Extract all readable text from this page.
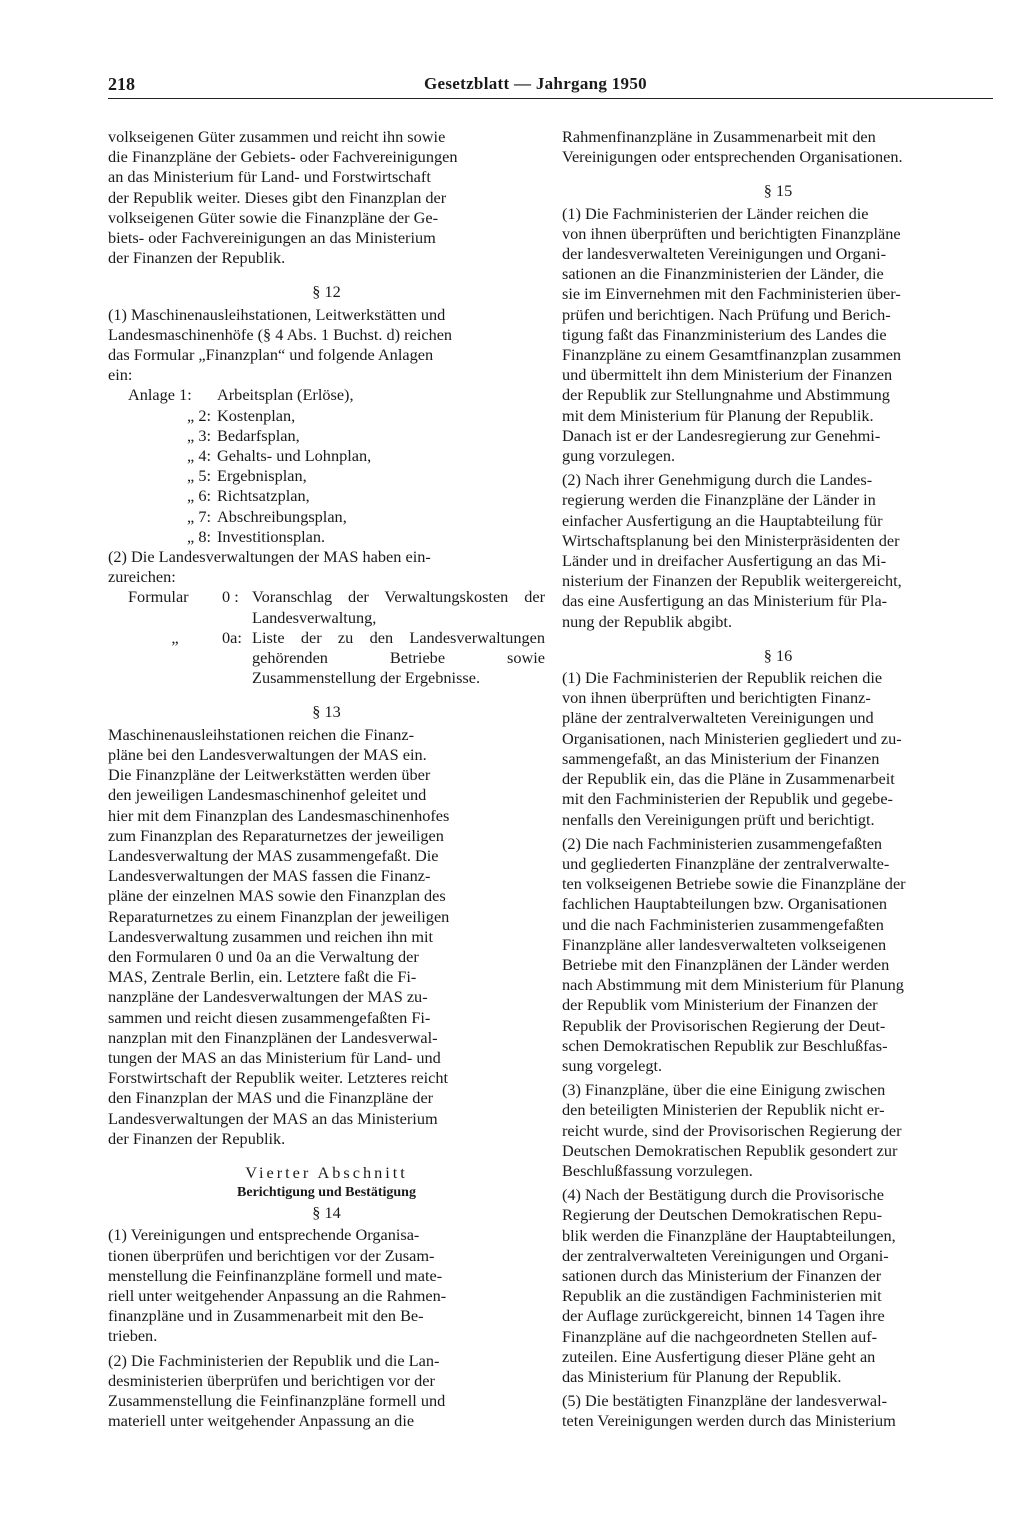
218	Gesetzblatt — Jahrgang 1950

volkseigenen Güter zusammen und reicht ihn sowie

die Finanzpläne der Gebiets- oder Fachvereinigungen

an das Ministerium für Land- und Forstwirtschaft

der Republik weiter. Dieses gibt den Finanzplan der

volkseigenen Güter sowie die Finanzpläne der Ge-

biets- oder Fachvereinigungen an das Ministerium

der Finanzen der Republik.

§ 12

(1) Maschinenausleihstationen, Leitwerkstätten und

Landesmaschinenhöfe (§ 4 Abs. 1 Buchst. d) reichen

das Formular „Finanzplan“ und folgende Anlagen

ein:

Anlage 1:	Arbeitsplan (Erlöse),
„ 2: Kostenplan,
„ 3: Bedarfsplan,
„ 4: Gehalts- und Lohnplan,
„ 5: Ergebnisplan,
„ 6: Richtsatzplan,
„ 7: Abschreibungsplan,
„ 8: Investitionsplan.

(2) Die Landesverwaltungen der MAS haben ein-

zureichen:

Formular	0 : Voranschlag der Verwaltungskosten der Landesverwaltung,
„	0a: Liste der zu den Landesverwaltungen gehörenden Betriebe sowie Zusammenstellung der Ergebnisse.
§ 13

Maschinenausleihstationen reichen die Finanz-

pläne bei den Landesverwaltungen der MAS ein.

Die Finanzpläne der Leitwerkstätten werden über

den jeweiligen Landesmaschinenhof geleitet und

hier mit dem Finanzplan des Landesmaschinenhofes

zum Finanzplan des Reparaturnetzes der jeweiligen

Landesverwaltung der MAS zusammengefaßt. Die

Landesverwaltungen der MAS fassen die Finanz-

pläne der einzelnen MAS sowie den Finanzplan des

Reparaturnetzes zu einem Finanzplan der jeweiligen

Landesverwaltung zusammen und reichen ihn mit

den Formularen 0 und 0a an die Verwaltung der

MAS, Zentrale Berlin, ein. Letztere faßt die Fi-

nanzpläne der Landesverwaltungen der MAS zu-

sammen und reicht diesen zusammengefaßten Fi-

nanzplan mit den Finanzplänen der Landesverwal-

tungen der MAS an das Ministerium für Land- und

Forstwirtschaft der Republik weiter. Letzteres reicht

den Finanzplan der MAS und die Finanzpläne der

Landesverwaltungen der MAS an das Ministerium

der Finanzen der Republik.

Vierter Abschnitt
Berichtigung und Bestätigung
§ 14

(1) Vereinigungen und entsprechende Organisa-

tionen überprüfen und berichtigen vor der Zusam-

menstellung die Feinfinanzpläne formell und mate-

riell unter weitgehender Anpassung an die Rahmen-

finanzpläne und in Zusammenarbeit mit den Be-

trieben.

(2) Die Fachministerien der Republik und die Lan-

desministerien überprüfen und berichtigen vor der

Zusammenstellung die Feinfinanzpläne formell und

materiell unter weitgehender Anpassung an die

Rahmenfinanzpläne in Zusammenarbeit mit den

Vereinigungen oder entsprechenden Organisationen.

§ 15

(1) Die Fachministerien der Länder reichen die

von ihnen überprüften und berichtigten Finanzpläne

der landesverwalteten Vereinigungen und Organi-

sationen an die Finanzministerien der Länder, die

sie im Einvernehmen mit den Fachministerien über-

prüfen und berichtigen. Nach Prüfung und Berich-

tigung faßt das Finanzministerium des Landes die

Finanzpläne zu einem Gesamtfinanzplan zusammen

und übermittelt ihn dem Ministerium der Finanzen

der Republik zur Stellungnahme und Abstimmung

mit dem Ministerium für Planung der Republik.

Danach ist er der Landesregierung zur Genehmi-

gung vorzulegen.

(2) Nach ihrer Genehmigung durch die Landes-

regierung werden die Finanzpläne der Länder in

einfacher Ausfertigung an die Hauptabteilung für

Wirtschaftsplanung bei den Ministerpräsidenten der

Länder und in dreifacher Ausfertigung an das Mi-

nisterium der Finanzen der Republik weitergereicht,

das eine Ausfertigung an das Ministerium für Pla-

nung der Republik abgibt.

§ 16

(1) Die Fachministerien der Republik reichen die

von ihnen überprüften und berichtigten Finanz-

pläne der zentralverwalteten Vereinigungen und

Organisationen, nach Ministerien gegliedert und zu-

sammengefaßt, an das Ministerium der Finanzen

der Republik ein, das die Pläne in Zusammenarbeit

mit den Fachministerien der Republik und gegebe-

nenfalls den Vereinigungen prüft und berichtigt.

(2) Die nach Fachministerien zusammengefaßten

und gegliederten Finanzpläne der zentralverwalte-

ten volkseigenen Betriebe sowie die Finanzpläne der

fachlichen Hauptabteilungen bzw. Organisationen

und die nach Fachministerien zusammengefaßten

Finanzpläne aller landesverwalteten volkseigenen

Betriebe mit den Finanzplänen der Länder werden

nach Abstimmung mit dem Ministerium für Planung

der Republik vom Ministerium der Finanzen der

Republik der Provisorischen Regierung der Deut-

schen Demokratischen Republik zur Beschlußfas-

sung vorgelegt.

(3) Finanzpläne, über die eine Einigung zwischen

den beteiligten Ministerien der Republik nicht er-

reicht wurde, sind der Provisorischen Regierung der

Deutschen Demokratischen Republik gesondert zur

Beschlußfassung vorzulegen.

(4) Nach der Bestätigung durch die Provisorische

Regierung der Deutschen Demokratischen Repu-

blik werden die Finanzpläne der Hauptabteilungen,

der zentralverwalteten Vereinigungen und Organi-

sationen durch das Ministerium der Finanzen der

Republik an die zuständigen Fachministerien mit

der Auflage zurückgereicht, binnen 14 Tagen ihre

Finanzpläne auf die nachgeordneten Stellen auf-

zuteilen. Eine Ausfertigung dieser Pläne geht an

das Ministerium für Planung der Republik.

(5) Die bestätigten Finanzpläne der landesverwal-

teten Vereinigungen werden durch das Ministerium
